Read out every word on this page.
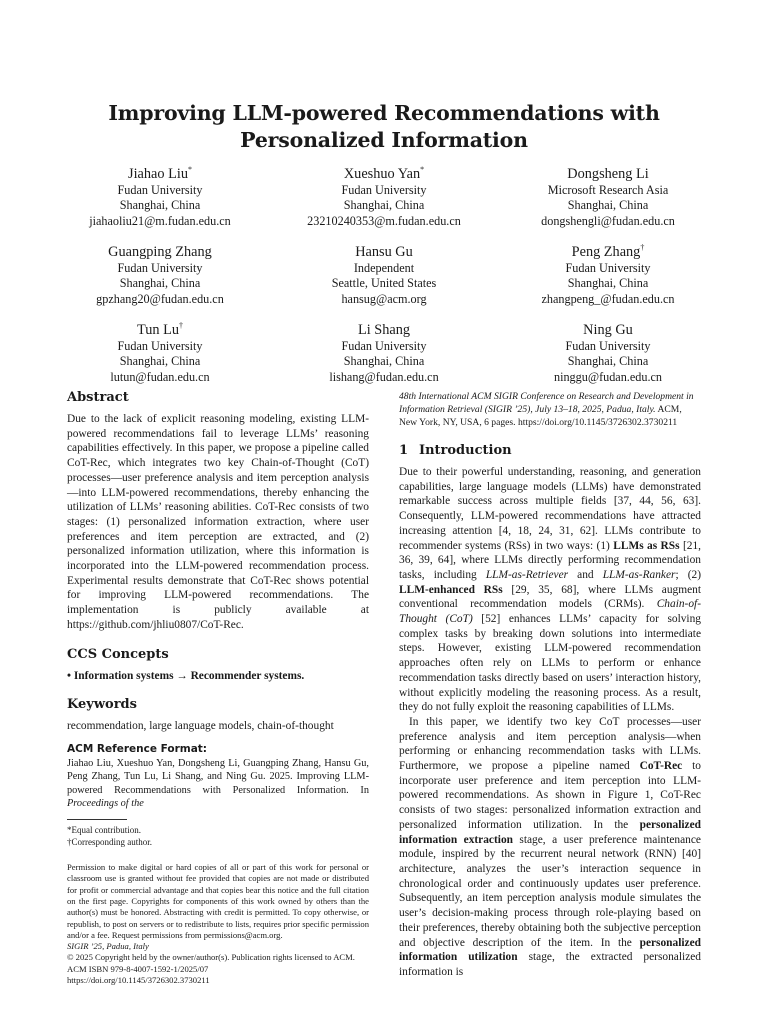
Improving LLM-powered Recommendations with Personalized Information
Jiahao Liu*
Fudan University
Shanghai, China
jiahaoliu21@m.fudan.edu.cn
Xueshuo Yan*
Fudan University
Shanghai, China
23210240353@m.fudan.edu.cn
Dongsheng Li
Microsoft Research Asia
Shanghai, China
dongshengli@fudan.edu.cn
Guangping Zhang
Fudan University
Shanghai, China
gpzhang20@fudan.edu.cn
Hansu Gu
Independent
Seattle, United States
hansug@acm.org
Peng Zhang†
Fudan University
Shanghai, China
zhangpeng_@fudan.edu.cn
Tun Lu†
Fudan University
Shanghai, China
lutun@fudan.edu.cn
Li Shang
Fudan University
Shanghai, China
lishang@fudan.edu.cn
Ning Gu
Fudan University
Shanghai, China
ninggu@fudan.edu.cn
Abstract

Due to the lack of explicit reasoning modeling, existing LLM-powered recommendations fail to leverage LLMs’ reasoning capabilities effectively. In this paper, we propose a pipeline called CoT-Rec, which integrates two key Chain-of-Thought (CoT) processes—user preference analysis and item perception analysis—into LLM-powered recommendations, thereby enhancing the utilization of LLMs’ reasoning abilities. CoT-Rec consists of two stages: (1) personalized information extraction, where user preferences and item perception are extracted, and (2) personalized information utilization, where this information is incorporated into the LLM-powered recommendation process. Experimental results demonstrate that CoT-Rec shows potential for improving LLM-powered recommendations. The implementation is publicly available at https://github.com/jhliu0807/CoT-Rec.

CCS Concepts

• Information systems → Recommender systems.

Keywords

recommendation, large language models, chain-of-thought

ACM Reference Format:

Jiahao Liu, Xueshuo Yan, Dongsheng Li, Guangping Zhang, Hansu Gu, Peng Zhang, Tun Lu, Li Shang, and Ning Gu. 2025. Improving LLM-powered Recommendations with Personalized Information. In Proceedings of the

*Equal contribution.
†Corresponding author.
Permission to make digital or hard copies of all or part of this work for personal or classroom use is granted without fee provided that copies are not made or distributed for profit or commercial advantage and that copies bear this notice and the full citation on the first page. Copyrights for components of this work owned by others than the author(s) must be honored. Abstracting with credit is permitted. To copy otherwise, or republish, to post on servers or to redistribute to lists, requires prior specific permission and/or a fee. Request permissions from permissions@acm.org.
SIGIR ’25, Padua, Italy
© 2025 Copyright held by the owner/author(s). Publication rights licensed to ACM.
ACM ISBN 979-8-4007-1592-1/2025/07
https://doi.org/10.1145/3726302.3730211

48th International ACM SIGIR Conference on Research and Development in Information Retrieval (SIGIR ’25), July 13–18, 2025, Padua, Italy. ACM, New York, NY, USA, 6 pages. https://doi.org/10.1145/3726302.3730211

1 Introduction

Due to their powerful understanding, reasoning, and generation capabilities, large language models (LLMs) have demonstrated remarkable success across multiple fields [37, 44, 56, 63]. Consequently, LLM-powered recommendations have attracted increasing attention [4, 18, 24, 31, 62]. LLMs contribute to recommender systems (RSs) in two ways: (1) LLMs as RSs [21, 36, 39, 64], where LLMs directly performing recommendation tasks, including LLM-as-Retriever and LLM-as-Ranker; (2) LLM-enhanced RSs [29, 35, 68], where LLMs augment conventional recommendation models (CRMs). Chain-of-Thought (CoT) [52] enhances LLMs’ capacity for solving complex tasks by breaking down solutions into intermediate steps. However, existing LLM-powered recommendation approaches often rely on LLMs to perform or enhance recommendation tasks directly based on users’ interaction history, without explicitly modeling the reasoning process. As a result, they do not fully exploit the reasoning capabilities of LLMs.

In this paper, we identify two key CoT processes—user preference analysis and item perception analysis—when performing or enhancing recommendation tasks with LLMs. Furthermore, we propose a pipeline named CoT-Rec to incorporate user preference and item perception into LLM-powered recommendations. As shown in Figure 1, CoT-Rec consists of two stages: personalized information extraction and personalized information utilization. In the personalized information extraction stage, a user preference maintenance module, inspired by the recurrent neural network (RNN) [40] architecture, analyzes the user’s interaction sequence in chronological order and continuously updates user preference. Subsequently, an item perception analysis module simulates the user’s decision-making process through role-playing based on their preferences, thereby obtaining both the subjective perception and objective description of the item. In the personalized information utilization stage, the extracted personalized information is
